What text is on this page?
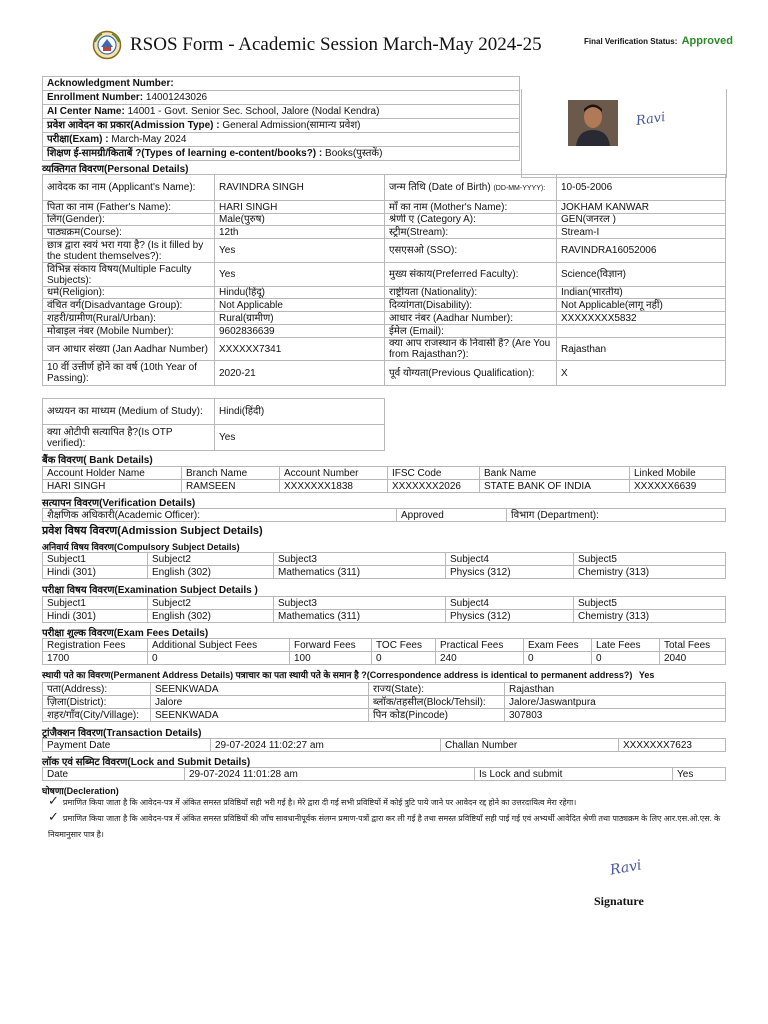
RSOS Form - Academic Session March-May 2024-25	Final Verification Status: Approved
Acknowledgment Number:
Enrollment Number: 14001243026
AI Center Name: 14001 - Govt. Senior Sec. School, Jalore (Nodal Kendra)
प्रवेश आवेदन का प्रकार(Admission Type) : General Admission(सामान्य प्रवेश)
परीक्षा(Exam) : March-May 2024
शिक्षण ई-सामग्री/किताबें ?(Types of learning e-content/books?) : Books(पुस्तकें)
Ravi
व्यक्तिगत विवरण(Personal Details)
आवेदक का नाम (Applicant's Name):	RAVINDRA SINGH	जन्म तिथि (Date of Birth) (DD-MM-YYYY):	10-05-2006
पिता का नाम (Father's Name):	HARI SINGH	माँ का नाम (Mother's Name):	JOKHAM KANWAR
लिंग(Gender):	Male(पुरुष)	श्रेणी ए (Category A):	GEN(जनरल )
पाठ्यक्रम(Course):	12th	स्ट्रीम(Stream):	Stream-I
छात्र द्वारा स्वयं भरा गया है? (Is it filled by the student themselves?):	Yes	एसएसओ (SSO):	RAVINDRA16052006
विभिन्न संकाय विषय(Multiple Faculty Subjects):	Yes	मुख्य संकाय(Preferred Faculty):	Science(विज्ञान)
धर्म(Religion):	Hindu(हिंदू)	राष्ट्रीयता (Nationality):	Indian(भारतीय)
वंचित वर्ग(Disadvantage Group):	Not Applicable	दिव्यांगता(Disability):	Not Applicable(लागू नहीं)
शहरी/ग्रामीण(Rural/Urban):	Rural(ग्रामीण)	आधार नंबर (Aadhar Number):	XXXXXXXX5832
मोबाइल नंबर (Mobile Number):	9602836639	ईमेल (Email):	
जन आधार संख्या (Jan Aadhar Number)	XXXXXX7341	क्या आप राजस्थान के निवासी हैं? (Are You from Rajasthan?):	Rajasthan
10 वीं उत्तीर्ण होने का वर्ष (10th Year of Passing):	2020-21	पूर्व योग्यता(Previous Qualification):	X
अध्ययन का माध्यम (Medium of Study):	Hindi(हिंदी)
क्या ओटीपी सत्यापित है?(Is OTP verified):	Yes
बैंक विवरण( Bank Details)
Account Holder Name	Branch Name	Account Number	IFSC Code	Bank Name	Linked Mobile
HARI SINGH	RAMSEEN	XXXXXXX1838	XXXXXXX2026	STATE BANK OF INDIA	XXXXXX6639
सत्यापन विवरण(Verification Details)
शैक्षणिक अधिकारी(Academic Officer):	Approved	विभाग (Department):
प्रवेश विषय विवरण(Admission Subject Details)
अनिवार्य विषय विवरण(Compulsory Subject Details)
Subject1	Subject2	Subject3	Subject4	Subject5
Hindi (301)	English (302)	Mathematics (311)	Physics (312)	Chemistry (313)
परीक्षा विषय विवरण(Examination Subject Details )
Subject1	Subject2	Subject3	Subject4	Subject5
Hindi (301)	English (302)	Mathematics (311)	Physics (312)	Chemistry (313)
परीक्षा शुल्क विवरण(Exam Fees Details)
Registration Fees	Additional Subject Fees	Forward Fees	TOC Fees	Practical Fees	Exam Fees	Late Fees	Total Fees
1700	0	100	0	240	0	0	2040
स्थायी पते का विवरण(Permanent Address Details) पत्राचार का पता स्थायी पते के समान है ?(Correspondence address is identical to permanent address?) Yes
पता(Address):	SEENKWADA	राज्य(State):	Rajasthan
ज़िला(District):	Jalore	ब्लॉक/तहसील(Block/Tehsil):	Jalore/Jaswantpura
शहर/गाँव(City/Village):	SEENKWADA	पिन कोड(Pincode)	307803
ट्रांजैक्शन विवरण(Transaction Details)
Payment Date	29-07-2024 11:02:27 am	Challan Number	XXXXXXX7623
लॉक एवं सब्मिट विवरण(Lock and Submit Details)
Date	29-07-2024 11:01:28 am	Is Lock and submit	Yes
घोषणा(Decleration)
✓ प्रमाणित किया जाता है कि आवेदन-पत्र में अंकित समस्त प्रविष्ठियाँ सही भरी गई है। मेरे द्वारा दी गई सभी प्रविष्टियों में कोई त्रुटि पाये जाने पर आवेदन रद्द होने का उत्तरदायित्व मेरा रहेगा।
✓ प्रमाणित किया जाता है कि आवेदन-पत्र में अंकित समस्त प्रविष्ठियों की जाँच सावधानीपूर्वक संलग्न प्रमाण-पत्रों द्वारा कर ली गई है तथा समस्त प्रविष्टियाँ सही पाई गई एवं अभ्यर्थी आवेदित श्रेणी तथा पाठ्यक्रम के लिए आर.एस.ओ.एस. के नियमानुसार पात्र है।
Ravi
Signature
